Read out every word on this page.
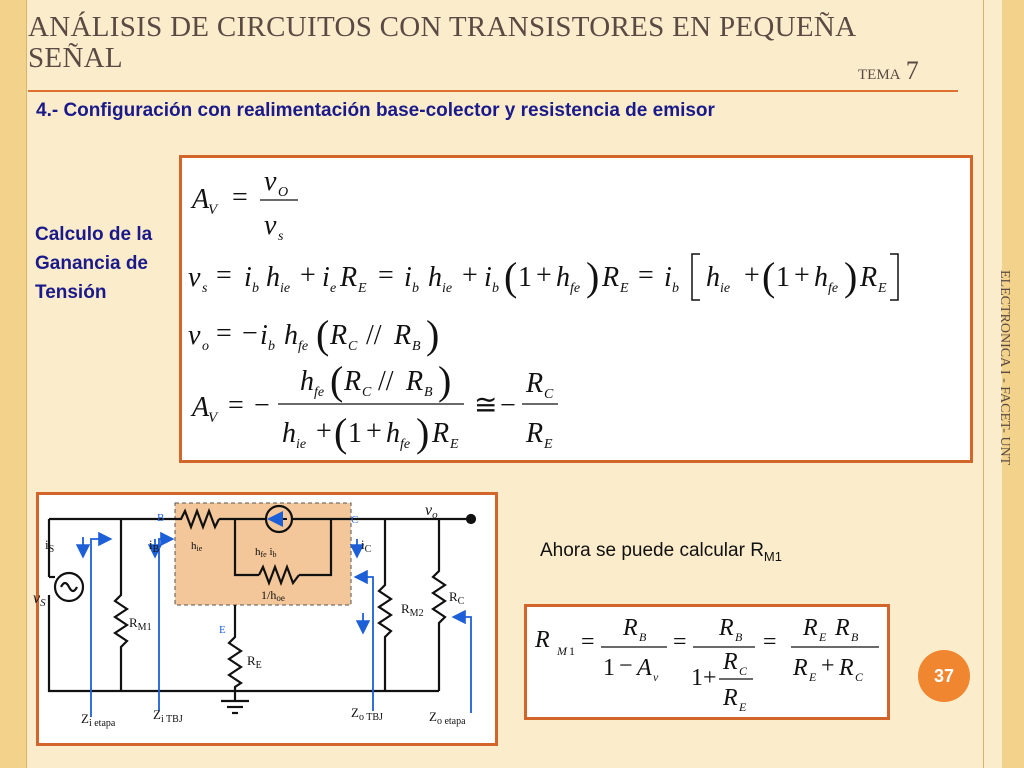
ANÁLISIS DE CIRCUITOS CON TRANSISTORES EN PEQUEÑA
SEÑAL	tema 7
4.- Configuración con realimentación base-colector y resistencia de emisor
ELECTRONICA I - FACET- UNT
Calculo de la Ganancia de Tensión
A
V =
v O
v s
v s = i b h ie + i e R E = i b h ie + i b ( 1 + h fe ) R E = i b h ie + ( 1 + h fe ) R E
v o = − i b h fe ( R C // R B )
A
V = −
h fe ( R C // R B )
h ie + ( 1 + h fe ) R E
≅ −
R C
R E
B	C
E
vo
$i_S$	$i_B$	$i_C$
vS
hie	hfe ib
1/hoe
$R_{M1}$
$R_E$
$R_{M2}$
$R_C$
$Z_{i etapa}$
$Z_{i TBJ}$	$Z_{o TBJ}$	$Z_{o etapa}$
Ahora se puede calcular $R_{M1}$
R M 1 =
R B
1 − A v
=
R B
1+
R C
R E
=
R E R B
R E + R C	37
